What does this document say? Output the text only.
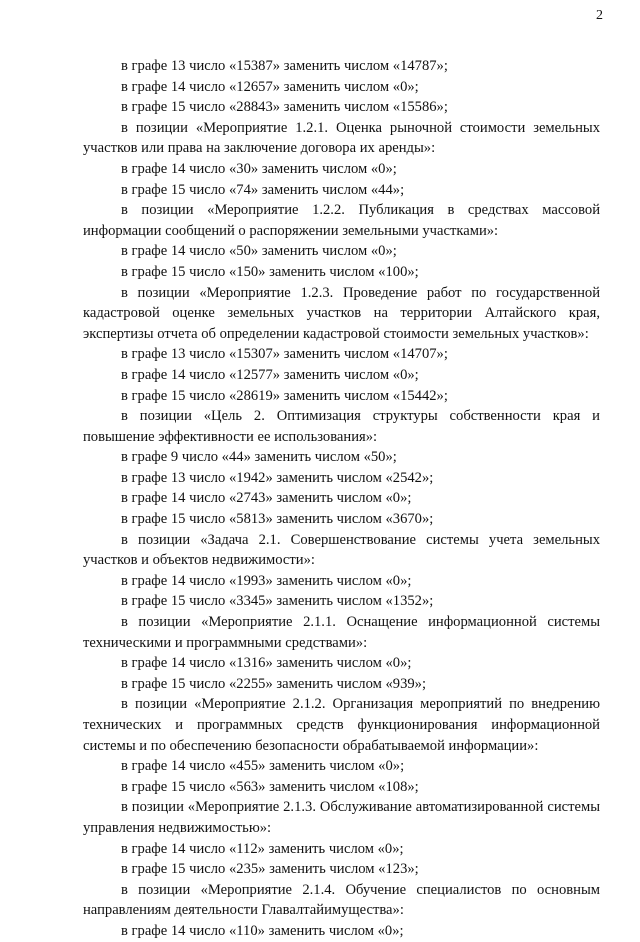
2

в графе 13 число «15387» заменить числом «14787»;

в графе 14 число «12657» заменить числом «0»;

в графе 15 число «28843» заменить числом «15586»;

в позиции «Мероприятие 1.2.1. Оценка рыночной стоимости земельных участков или права на заключение договора их аренды»:

в графе 14 число «30» заменить числом «0»;

в графе 15 число «74» заменить числом «44»;

в позиции «Мероприятие 1.2.2. Публикация в средствах массовой информации сообщений о распоряжении земельными участками»:

в графе 14 число «50» заменить числом «0»;

в графе 15 число «150» заменить числом «100»;

в позиции «Мероприятие 1.2.3. Проведение работ по государственной кадастровой оценке земельных участков на территории Алтайского края, экспертизы отчета об определении кадастровой стоимости земельных участков»:

в графе 13 число «15307» заменить числом «14707»;

в графе 14 число «12577» заменить числом «0»;

в графе 15 число «28619» заменить числом «15442»;

в позиции «Цель 2. Оптимизация структуры собственности края и повышение эффективности ее использования»:

в графе 9 число «44» заменить числом «50»;

в графе 13 число «1942» заменить числом «2542»;

в графе 14 число «2743» заменить числом «0»;

в графе 15 число «5813» заменить числом «3670»;

в позиции «Задача 2.1. Совершенствование системы учета земельных участков и объектов недвижимости»:

в графе 14 число «1993» заменить числом «0»;

в графе 15 число «3345» заменить числом «1352»;

в позиции «Мероприятие 2.1.1. Оснащение информационной системы техническими и программными средствами»:

в графе 14 число «1316» заменить числом «0»;

в графе 15 число «2255» заменить числом «939»;

в позиции «Мероприятие 2.1.2. Организация мероприятий по внедрению технических и программных средств функционирования информационной системы и по обеспечению безопасности обрабатываемой информации»:

в графе 14 число «455» заменить числом «0»;

в графе 15 число «563» заменить числом «108»;

в позиции «Мероприятие 2.1.3. Обслуживание автоматизированной системы управления недвижимостью»:

в графе 14 число «112» заменить числом «0»;

в графе 15 число «235» заменить числом «123»;

в позиции «Мероприятие 2.1.4. Обучение специалистов по основным направлениям деятельности Главалтайимущества»:

в графе 14 число «110» заменить числом «0»;
